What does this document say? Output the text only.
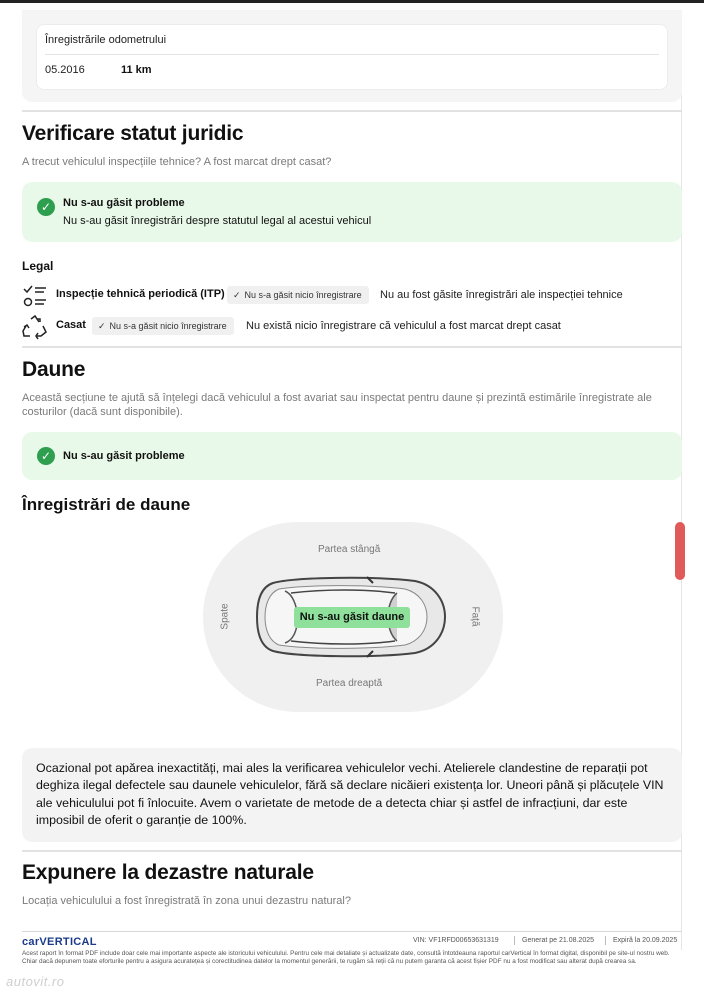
Înregistrările odometrului
05.2016	11 km
Verificare statut juridic
A trecut vehiculul inspecțiile tehnice? A fost marcat drept casat?
✓	Nu s-au găsit probleme
Nu s-au găsit înregistrări despre statutul legal al acestui vehicul
Legal
Inspecție tehnică periodică (ITP) ✓ Nu s-a găsit nicio înregistrare	Nu au fost găsite înregistrări ale inspecției tehnice
Casat	✓ Nu s-a găsit nicio înregistrare	Nu există nicio înregistrare că vehiculul a fost marcat drept casat
Daune
Această secțiune te ajută să înțelegi dacă vehiculul a fost avariat sau inspectat pentru daune și prezintă estimările înregistrate ale costurilor (dacă sunt disponibile).
✓	Nu s-au găsit probleme
Înregistrări de daune
Partea stângă
Partea dreaptă
Spate	Față
Nu s-au găsit daune
Ocazional pot apărea inexactități, mai ales la verificarea vehiculelor vechi. Atelierele clandestine de reparații pot deghiza ilegal defectele sau daunele vehiculelor, fără să declare nicăieri existența lor. Uneori până și plăcuțele VIN ale vehiculului pot fi înlocuite. Avem o varietate de metode de a detecta chiar și astfel de infracțiuni, dar este imposibil de oferit o garanție de 100%.
Expunere la dezastre naturale
Locația vehiculului a fost înregistrată în zona unui dezastru natural?
carVERTICAL	VIN: VF1RFD00653631319	Generat pe 21.08.2025	Expiră la 20.09.2025
Acest raport în format PDF include doar cele mai importante aspecte ale istoricului vehiculului. Pentru cele mai detaliate și actualizate date, consultă întotdeauna raportul carVertical în format digital, disponibil pe site-ul nostru web. Chiar dacă depunem toate eforturile pentru a asigura acuratețea și corectitudinea datelor la momentul generării, te rugăm să reții că nu putem garanta că acest fișier PDF nu a fost modificat sau alterat după crearea sa.
autovit.ro
